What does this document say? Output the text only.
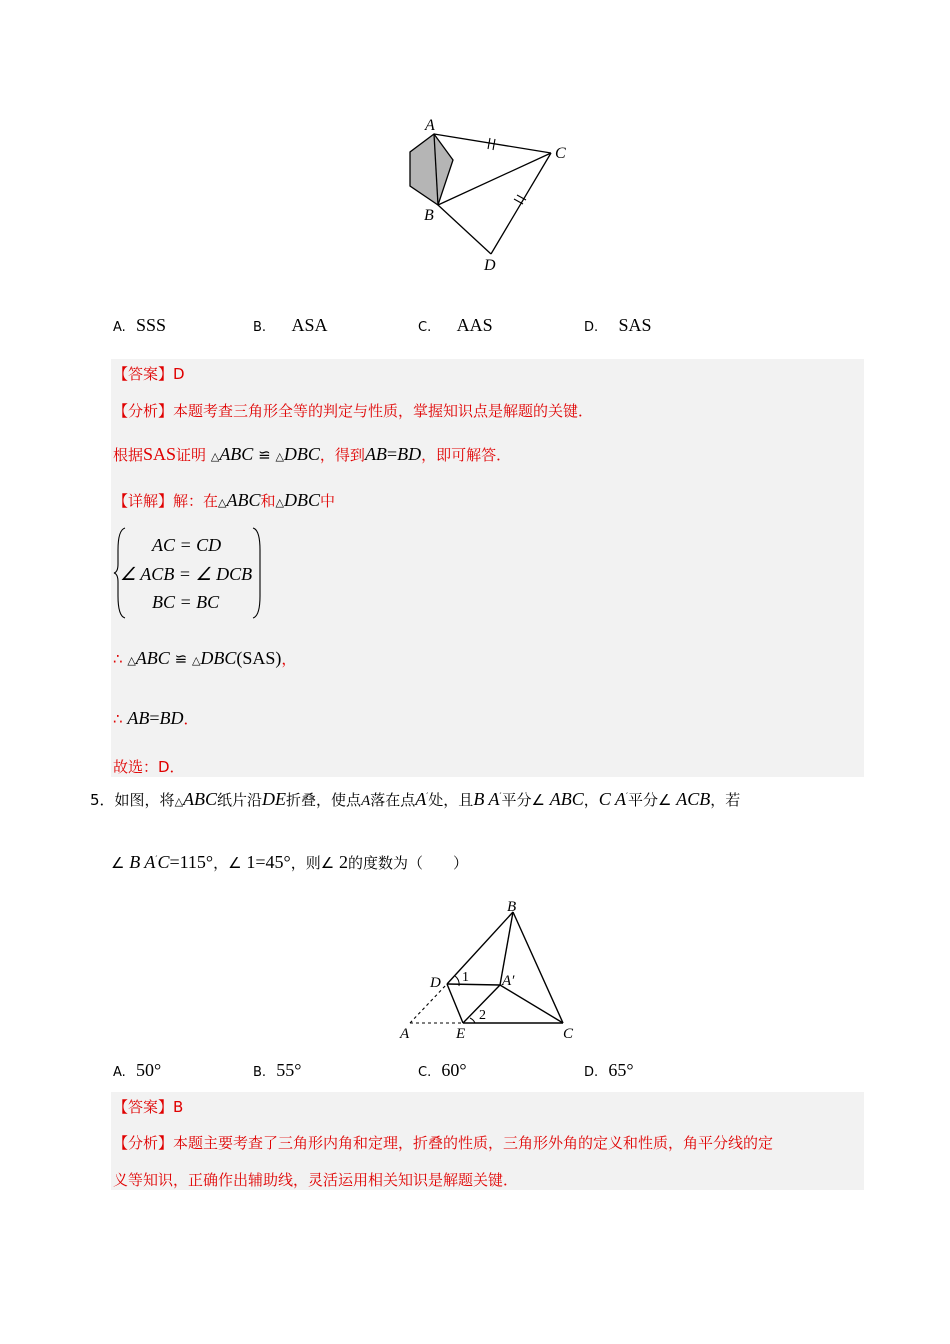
A
B
C
D
A. SSS	B. ASA	C. AAS	D. SAS
【答案】D
【分析】本题考查三角形全等的判定与性质，掌握知识点是解题的关键．
根据SAS证明 △ABC ≌ △DBC，得到AB=BD，即可解答．
【详解】解：在△ABC和△DBC中
AC = CD
∠ ACB = ∠ DCB
BC = BC
∴ △ABC ≌ △DBC(SAS)，
∴ AB=BD．
故选：D．
5．如图，将△ABC纸片沿DE折叠，使点A落在点A′处，且B A′平分∠ ABC，C A′平分∠ ACB，若
∠ B A′C=115°，∠ 1=45°，则∠ 2的度数为（　　）
B
D	A′
A	E	C
1
2
A. 50°	B. 55°	C. 60°	D. 65°
【答案】B
【分析】本题主要考查了三角形内角和定理，折叠的性质，三角形外角的定义和性质，角平分线的定
义等知识，正确作出辅助线，灵活运用相关知识是解题关键．
